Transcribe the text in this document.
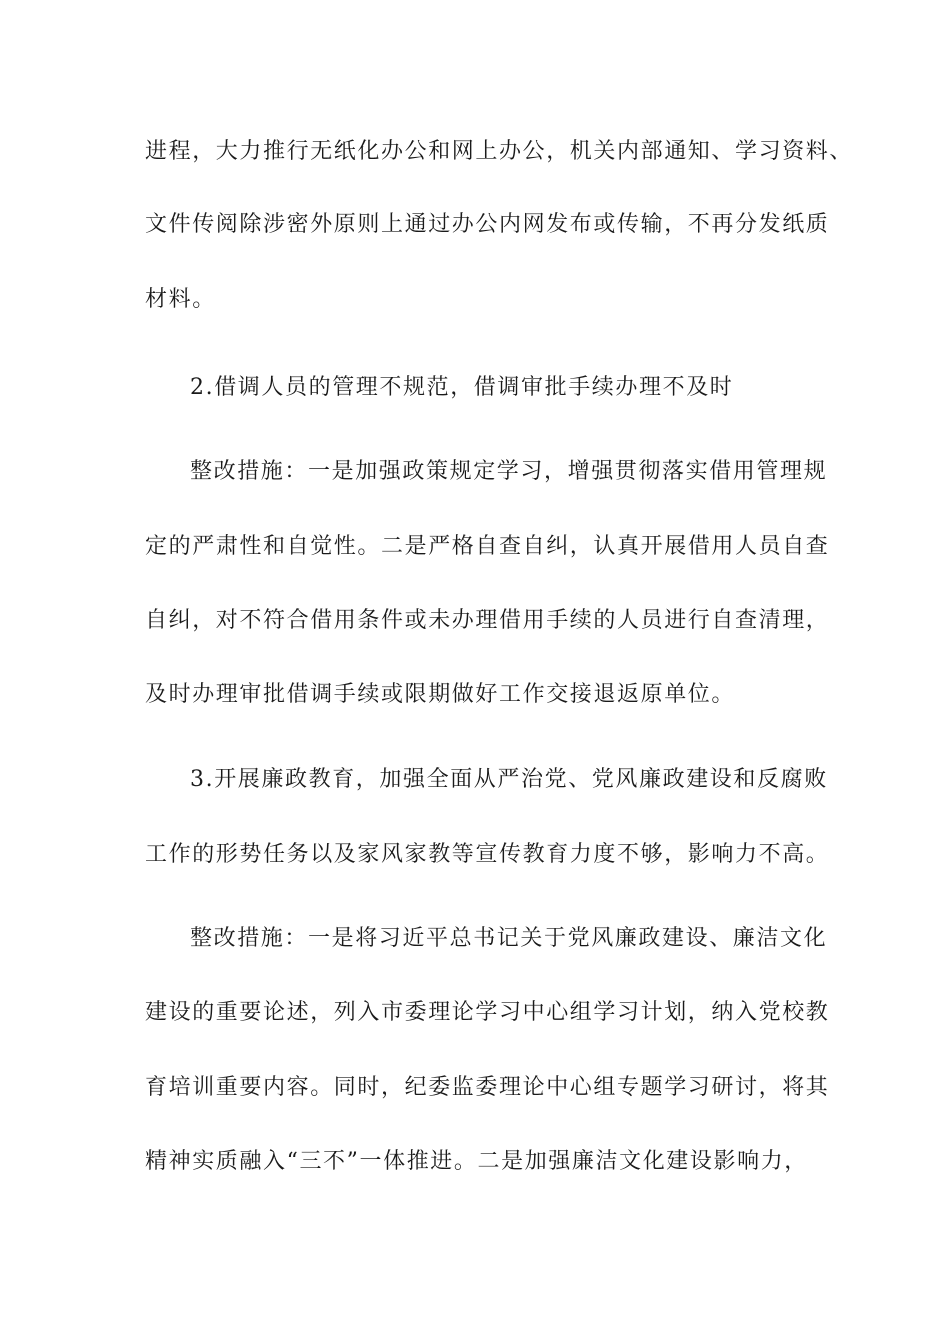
进程，大力推行无纸化办公和网上办公，机关内部通知、学习资料、
文件传阅除涉密外原则上通过办公内网发布或传输，不再分发纸质
材料。
2.借调人员的管理不规范，借调审批手续办理不及时
整改措施：一是加强政策规定学习，增强贯彻落实借用管理规
定的严肃性和自觉性。二是严格自查自纠，认真开展借用人员自查
自纠，对不符合借用条件或未办理借用手续的人员进行自查清理，
及时办理审批借调手续或限期做好工作交接退返原单位。
3.开展廉政教育，加强全面从严治党、党风廉政建设和反腐败
工作的形势任务以及家风家教等宣传教育力度不够，影响力不高。
整改措施：一是将习近平总书记关于党风廉政建设、廉洁文化
建设的重要论述，列入市委理论学习中心组学习计划，纳入党校教
育培训重要内容。同时，纪委监委理论中心组专题学习研讨，将其
精神实质融入“三不”一体推进。二是加强廉洁文化建设影响力，
